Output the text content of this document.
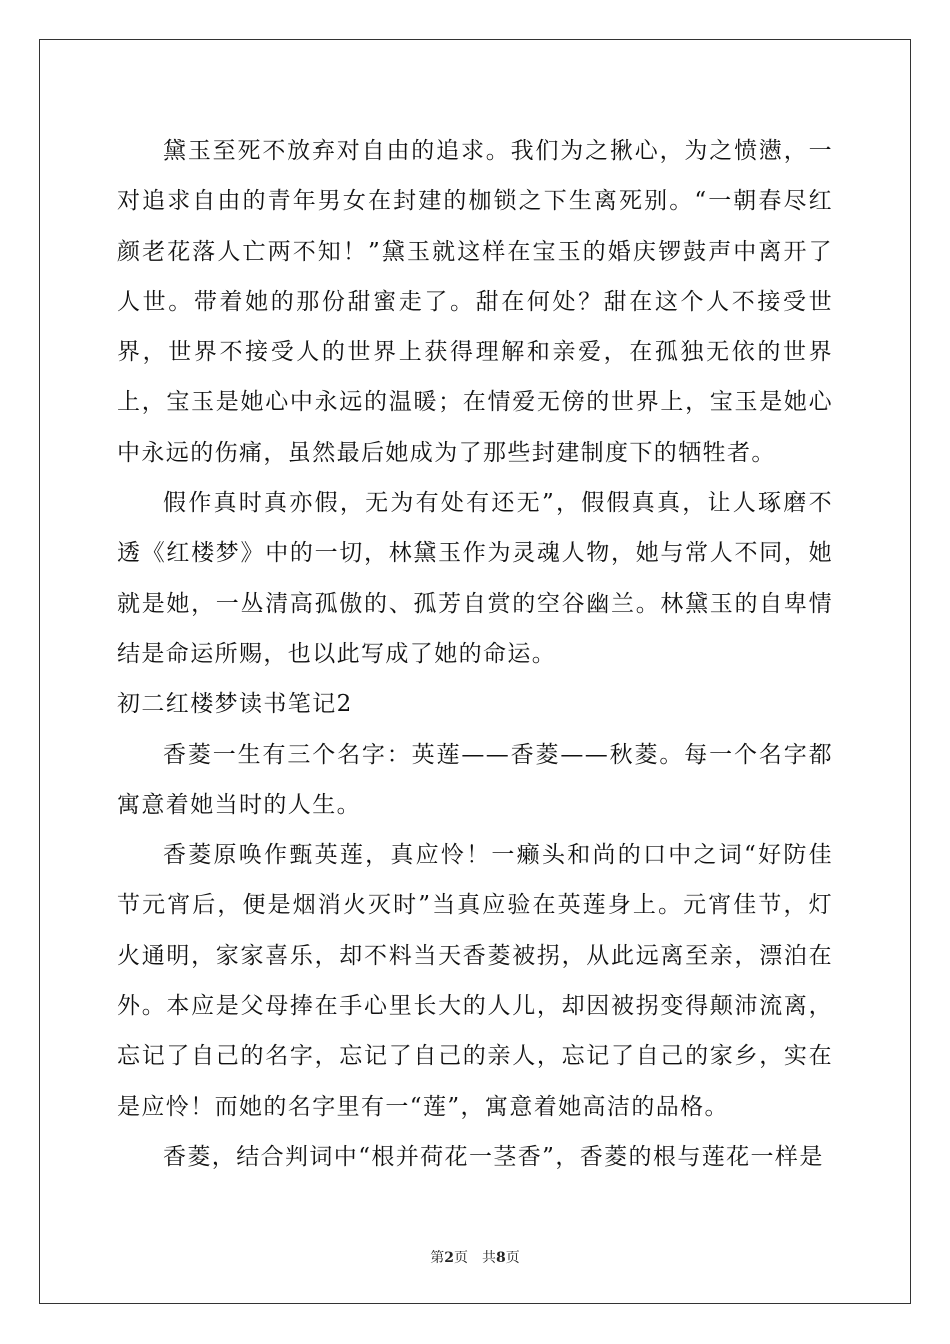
黛玉至死不放弃对自由的追求。我们为之揪心，为之愤懑，一对追求自由的青年男女在封建的枷锁之下生离死别。“一朝春尽红颜老花落人亡两不知！”黛玉就这样在宝玉的婚庆锣鼓声中离开了人世。带着她的那份甜蜜走了。甜在何处？甜在这个人不接受世界，世界不接受人的世界上获得理解和亲爱，在孤独无依的世界上，宝玉是她心中永远的温暖；在情爱无傍的世界上，宝玉是她心中永远的伤痛，虽然最后她成为了那些封建制度下的牺牲者。

假作真时真亦假，无为有处有还无”，假假真真，让人琢磨不透《红楼梦》中的一切，林黛玉作为灵魂人物，她与常人不同，她就是她，一丛清高孤傲的、孤芳自赏的空谷幽兰。林黛玉的自卑情结是命运所赐，也以此写成了她的命运。

初二红楼梦读书笔记2

香菱一生有三个名字：英莲——香菱——秋菱。每一个名字都寓意着她当时的人生。

香菱原唤作甄英莲，真应怜！一癞头和尚的口中之词“好防佳节元宵后，便是烟消火灭时”当真应验在英莲身上。元宵佳节，灯火通明，家家喜乐，却不料当天香菱被拐，从此远离至亲，漂泊在外。本应是父母捧在手心里长大的人儿，却因被拐变得颠沛流离，忘记了自己的名字，忘记了自己的亲人，忘记了自己的家乡，实在是应怜！而她的名字里有一“莲”，寓意着她高洁的品格。

香菱，结合判词中“根并荷花一茎香”，香菱的根与莲花一样是

第2页 共8页
